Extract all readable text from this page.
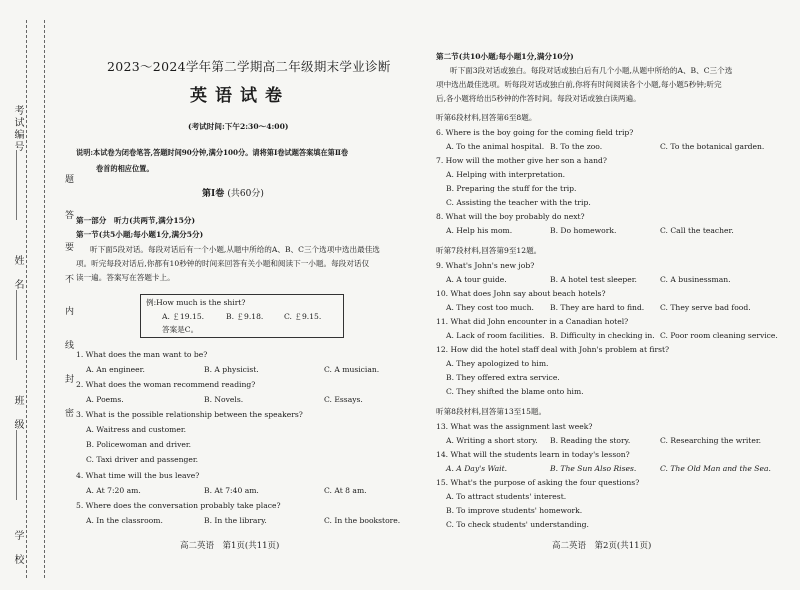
考试编号
姓　名
班　级
学　校
题
答
要
不
内
线
封
密
2023～2024学年第二学期高二年级期末学业诊断
英语试卷
(考试时间:下午2:30～4:00)
说明:本试卷为闭卷笔答,答题时间90分钟,满分100分。请将第Ⅰ卷试题答案填在第Ⅱ卷
卷首的相应位置。
第Ⅰ卷 (共60分)
第一部分　听力(共两节,满分15分)
第一节(共5小题;每小题1分,满分5分)
听下面5段对话。每段对话后有一个小题,从题中所给的A、B、C三个选项中选出最佳选
项。听完每段对话后,你都有10秒钟的时间来回答有关小题和阅读下一小题。每段对话仅
读一遍。答案写在答题卡上。
例:How much is the shirt?
A. ￡19.15.	B. ￡9.18.	C. ￡9.15.
答案是C。
1. What does the man want to be?
A. An engineer.	B. A physicist.	C. A musician.
2. What does the woman recommend reading?
A. Poems.	B. Novels.	C. Essays.
3. What is the possible relationship between the speakers?
A. Waitress and customer.
B. Policewoman and driver.
C. Taxi driver and passenger.
4. What time will the bus leave?
A. At 7:20 am.	B. At 7:40 am.	C. At 8 am.
5. Where does the conversation probably take place?
A. In the classroom.	B. In the library.	C. In the bookstore.
高二英语　第1页(共11页)
第二节(共10小题;每小题1分,满分10分)
听下面3段对话或独白。每段对话或独白后有几个小题,从题中所给的A、B、C三个选
项中选出最佳选项。听每段对话或独白前,你将有时间阅读各个小题,每小题5秒钟;听完
后,各小题将给出5秒钟的作答时间。每段对话或独白读两遍。
听第6段材料,回答第6至8题。
6. Where is the boy going for the coming field trip?
A. To the animal hospital. B. To the zoo.	C. To the botanical garden.
7. How will the mother give her son a hand?
A. Helping with interpretation.
B. Preparing the stuff for the trip.
C. Assisting the teacher with the trip.
8. What will the boy probably do next?
A. Help his mom.	B. Do homework.	C. Call the teacher.
听第7段材料,回答第9至12题。
9. What's John's new job?
A. A tour guide.	B. A hotel test sleeper.	C. A businessman.
10. What does John say about beach hotels?
A. They cost too much. B. They are hard to find. C. They serve bad food.
11. What did John encounter in a Canadian hotel?
A. Lack of room facilities. B. Difficulty in checking in. C. Poor room cleaning service.
12. How did the hotel staff deal with John's problem at first?
A. They apologized to him.
B. They offered extra service.
C. They shifted the blame onto him.
听第8段材料,回答第13至15题。
13. What was the assignment last week?
A. Writing a short story. B. Reading the story.	C. Researching the writer.
14. What will the students learn in today's lesson?
A. A Day's Wait.	B. The Sun Also Rises.	C. The Old Man and the Sea.
15. What's the purpose of asking the four questions?
A. To attract students' interest.
B. To improve students' homework.
C. To check students' understanding.
高二英语　第2页(共11页)
